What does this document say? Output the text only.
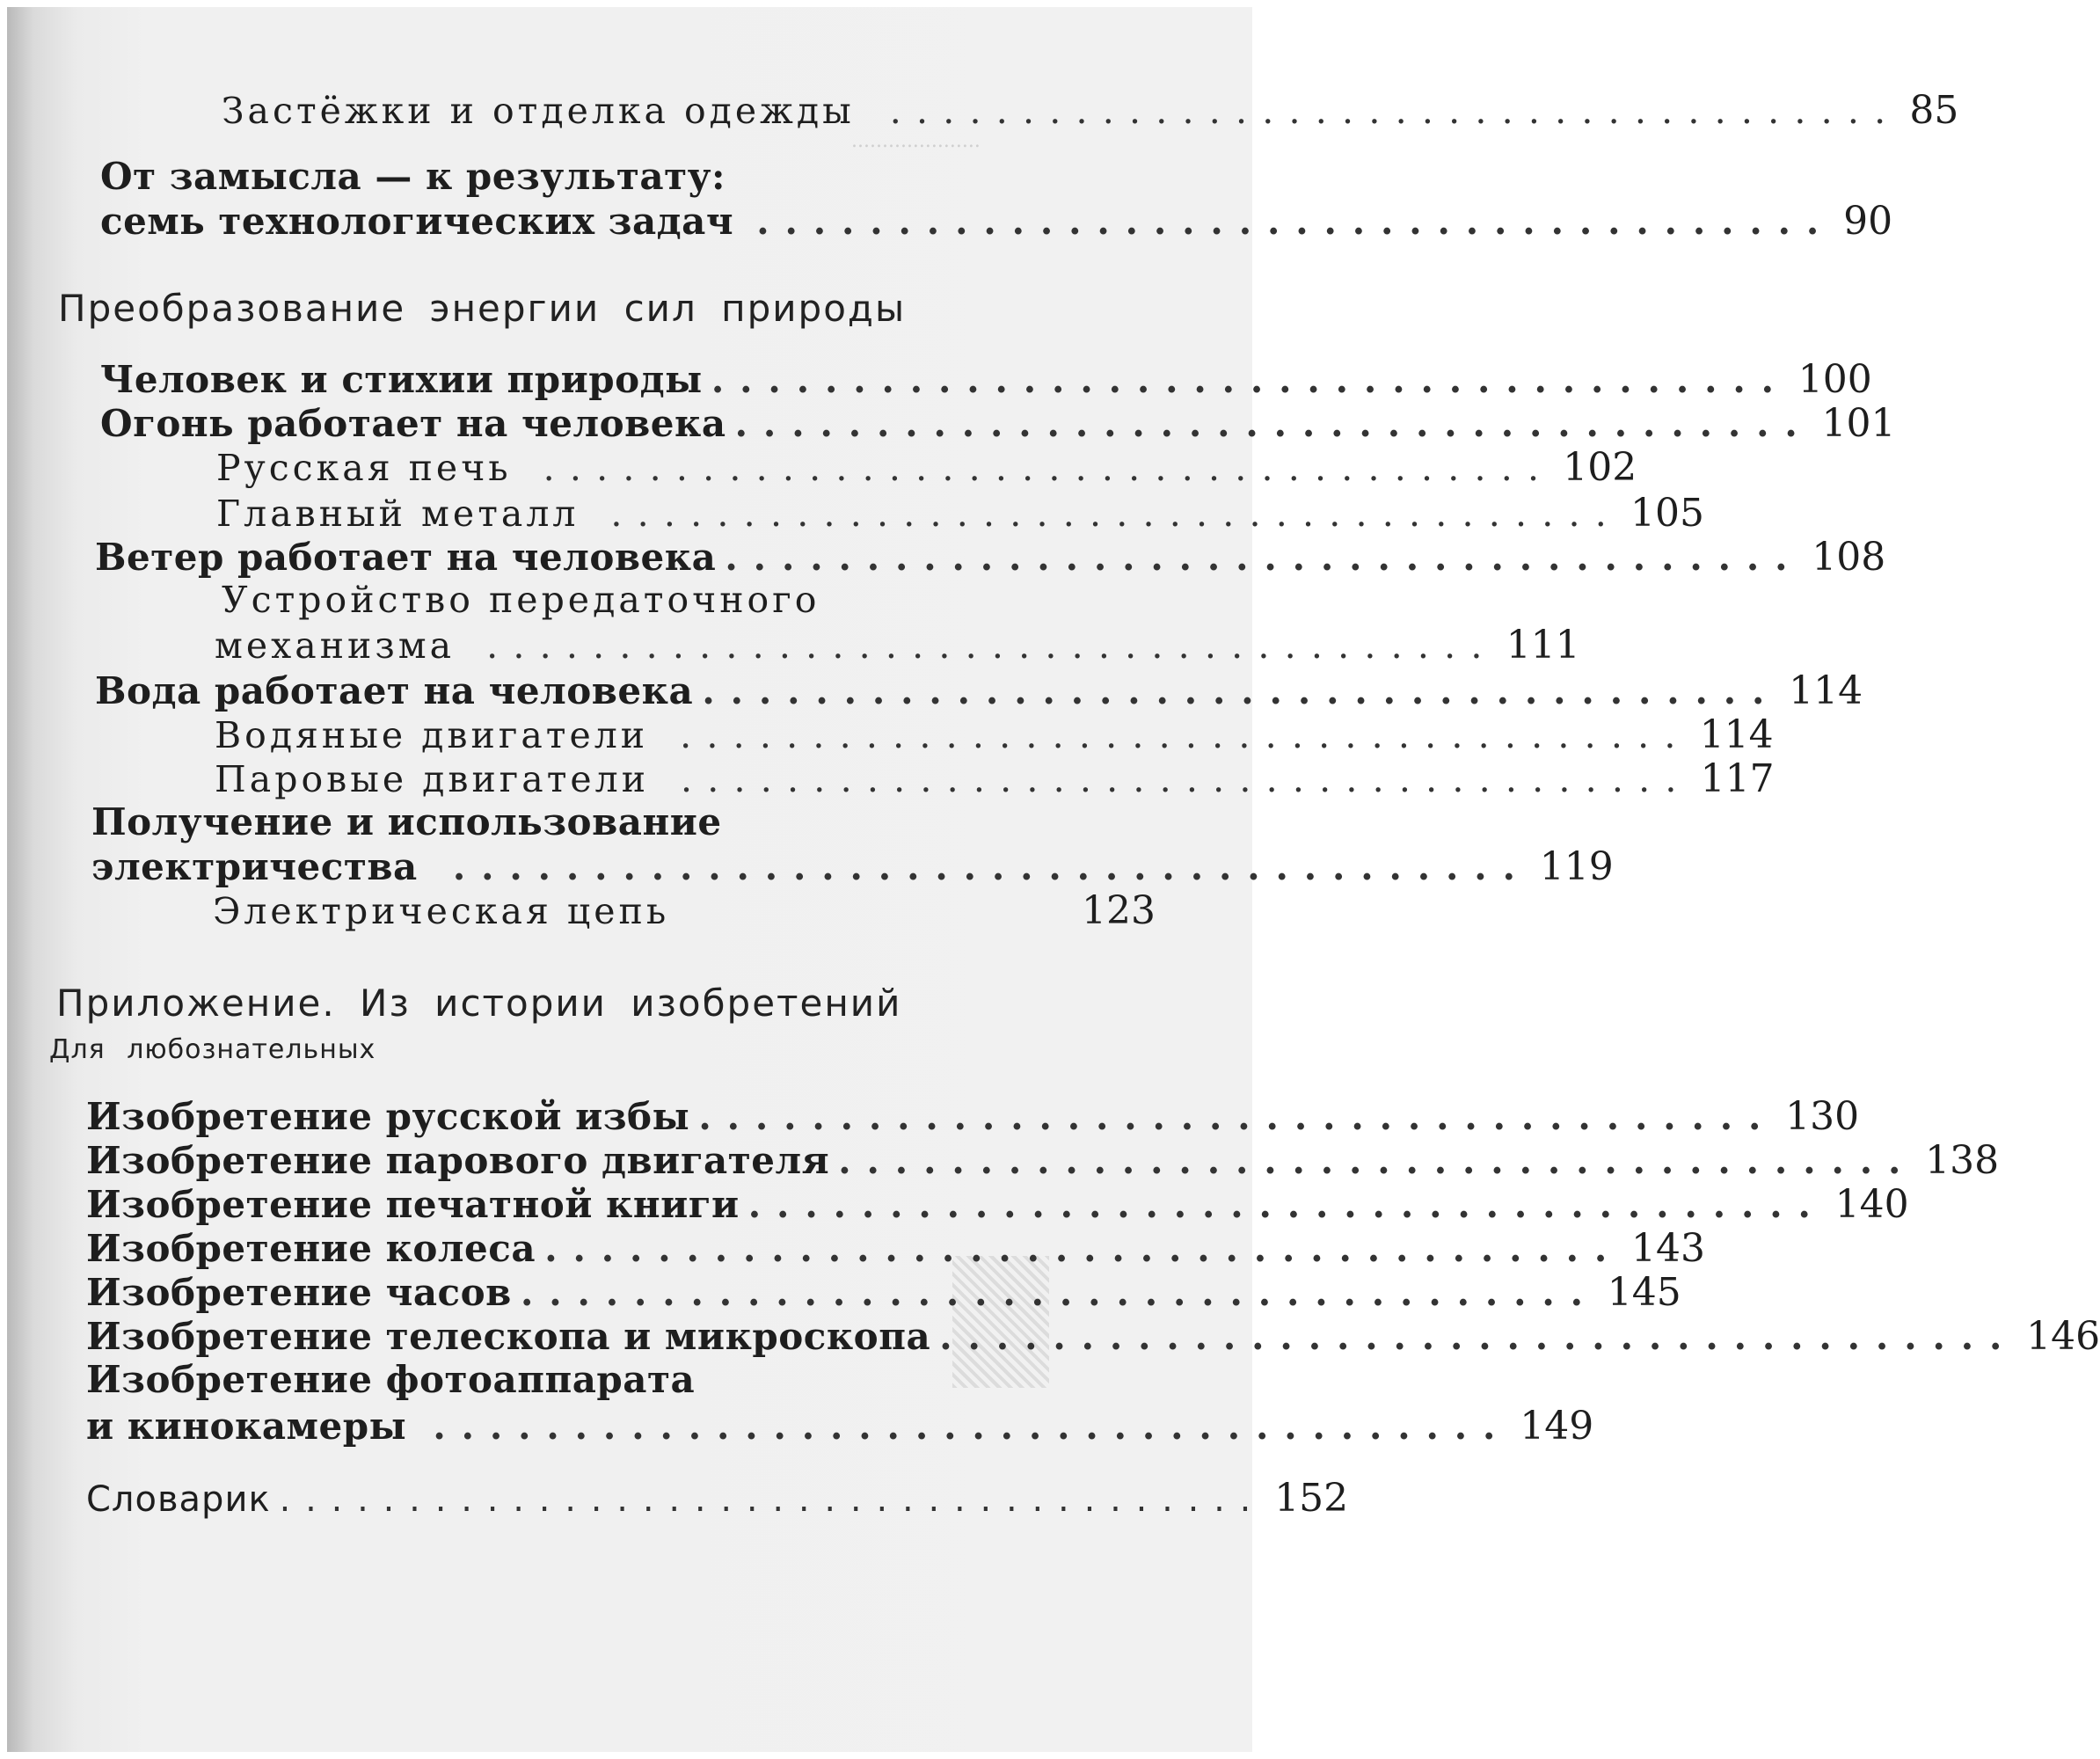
.....................
Застёжки и отделка одежды ...................................... 85
От замысла — к результату:
семь технологических задач ...................................... 90
Преобразование энергии сил природы
Человек и стихии природы ...................................... 100
Огонь работает на человека ...................................... 101
Русская печь ...................................... 102
Главный металл ...................................... 105
Ветер работает на человека ...................................... 108
Устройство передаточного
механизма ...................................... 111
Вода работает на человека ...................................... 114
Водяные двигатели ...................................... 114
Паровые двигатели ...................................... 117
Получение и использование
электричества ...................................... 119
Электрическая цепь	123
Приложение. Из истории изобретений
Для любознательных
Изобретение русской избы ...................................... 130
Изобретение парового двигателя ...................................... 138
Изобретение печатной книги ...................................... 140
Изобретение колеса ...................................... 143
Изобретение часов ...................................... 145
Изобретение телескопа и микроскопа ...................................... 146
Изобретение фотоаппарата
и кинокамеры ...................................... 149
Словарик ...................................... 152
